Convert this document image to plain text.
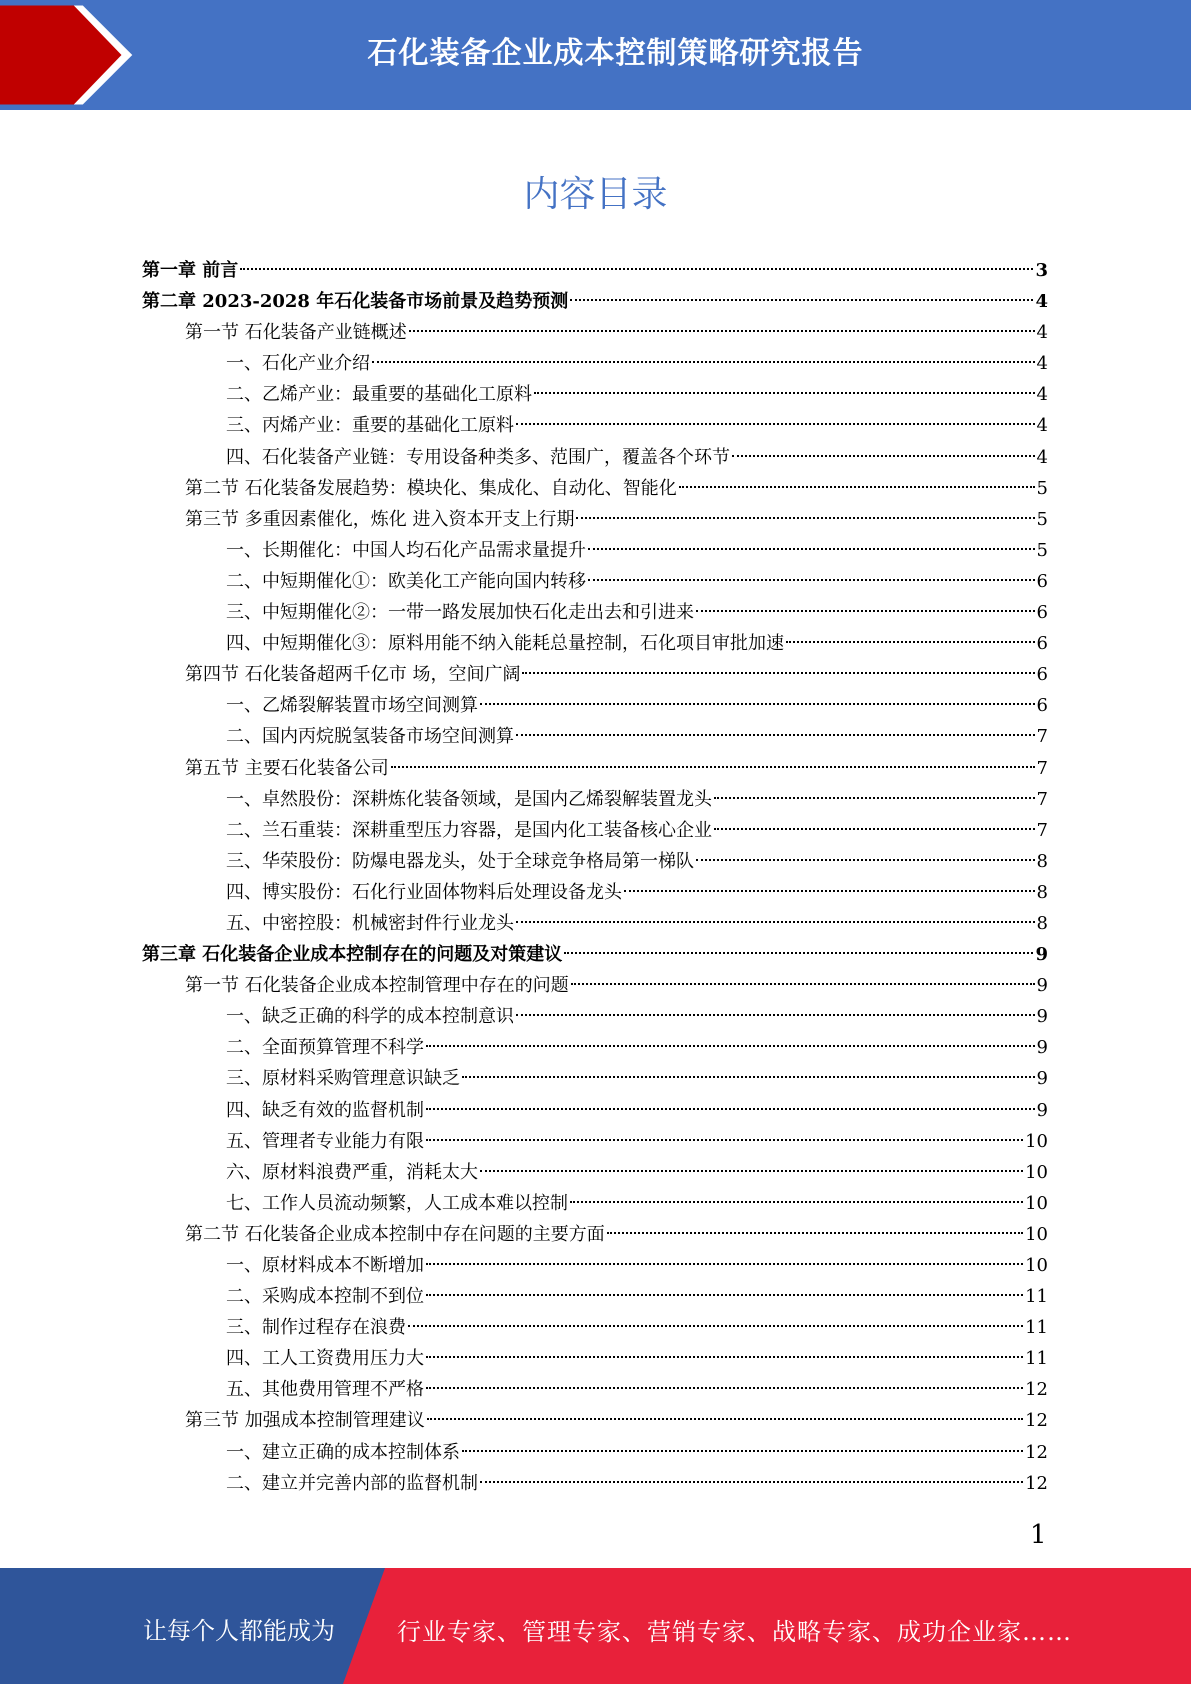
石化装备企业成本控制策略研究报告
内容目录
第一章 前言	3
第二章 2023-2028 年石化装备市场前景及趋势预测	4
第一节 石化装备产业链概述	4
一、石化产业介绍	4
二、乙烯产业：最重要的基础化工原料	4
三、丙烯产业：重要的基础化工原料	4
四、石化装备产业链：专用设备种类多、范围广，覆盖各个环节	4
第二节 石化装备发展趋势：模块化、集成化、自动化、智能化	5
第三节 多重因素催化，炼化 进入资本开支上行期	5
一、长期催化：中国人均石化产品需求量提升	5
二、中短期催化①：欧美化工产能向国内转移	6
三、中短期催化②：一带一路发展加快石化走出去和引进来	6
四、中短期催化③：原料用能不纳入能耗总量控制，石化项目审批加速	6
第四节 石化装备超两千亿市 场，空间广阔	6
一、乙烯裂解装置市场空间测算	6
二、国内丙烷脱氢装备市场空间测算	7
第五节 主要石化装备公司	7
一、卓然股份：深耕炼化装备领域，是国内乙烯裂解装置龙头	7
二、兰石重装：深耕重型压力容器，是国内化工装备核心企业	7
三、华荣股份：防爆电器龙头，处于全球竞争格局第一梯队	8
四、博实股份：石化行业固体物料后处理设备龙头	8
五、中密控股：机械密封件行业龙头	8
第三章 石化装备企业成本控制存在的问题及对策建议	9
第一节 石化装备企业成本控制管理中存在的问题	9
一、缺乏正确的科学的成本控制意识	9
二、全面预算管理不科学	9
三、原材料采购管理意识缺乏	9
四、缺乏有效的监督机制	9
五、管理者专业能力有限	10
六、原材料浪费严重，消耗太大	10
七、工作人员流动频繁，人工成本难以控制	10
第二节 石化装备企业成本控制中存在问题的主要方面	10
一、原材料成本不断增加	10
二、采购成本控制不到位	11
三、制作过程存在浪费	11
四、工人工资费用压力大	11
五、其他费用管理不严格	12
第三节 加强成本控制管理建议	12
一、建立正确的成本控制体系	12
二、建立并完善内部的监督机制	12
1
让每个人都能成为	行业专家、管理专家、营销专家、战略专家、成功企业家……
